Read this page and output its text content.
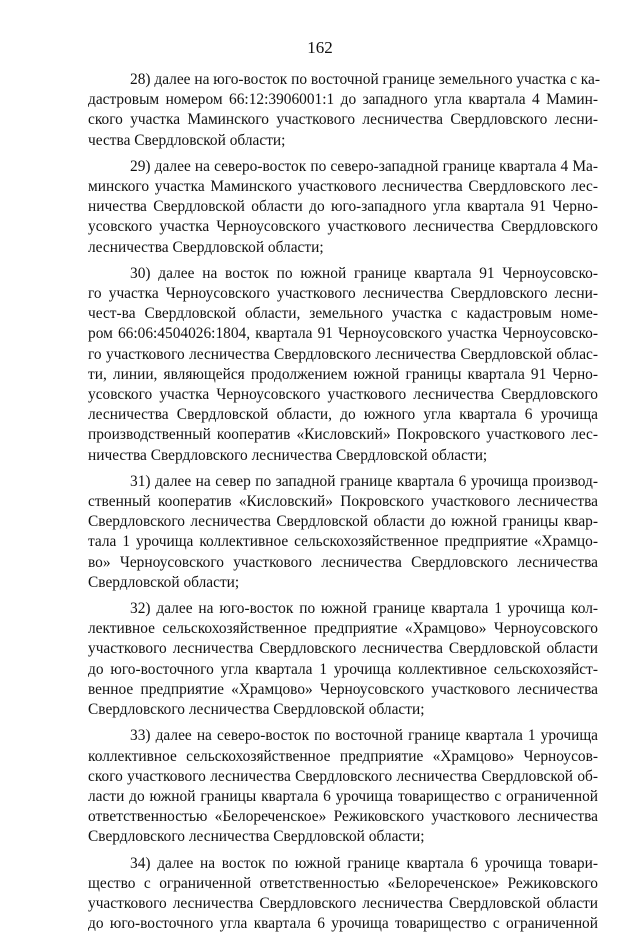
162
28) далее на юго-восток по восточной границе земельного участка с ка-
дастровым номером 66:12:3906001:1 до западного угла квартала 4 Мамин-
ского участка Маминского участкового лесничества Свердловского лесни-
чества Свердловской области;
29) далее на северо-восток по северо-западной границе квартала 4 Ма-
минского участка Маминского участкового лесничества Свердловского лес-
ничества Свердловской области до юго-западного угла квартала 91 Черно-
усовского участка Черноусовского участкового лесничества Свердловского
лесничества Свердловской области;
30) далее на восток по южной границе квартала 91 Черноусовско-
го участка Черноусовского участкового лесничества Свердловского лесни-
чест-ва Свердловской области, земельного участка с кадастровым номе-
ром 66:06:4504026:1804, квартала 91 Черноусовского участка Черноусовско-
го участкового лесничества Свердловского лесничества Свердловской облас-
ти, линии, являющейся продолжением южной границы квартала 91 Черно-
усовского участка Черноусовского участкового лесничества Свердловского
лесничества Свердловской области, до южного угла квартала 6 урочища
производственный кооператив «Кисловский» Покровского участкового лес-
ничества Свердловского лесничества Свердловской области;
31) далее на север по западной границе квартала 6 урочища производ-
ственный кооператив «Кисловский» Покровского участкового лесничества
Свердловского лесничества Свердловской области до южной границы квар-
тала 1 урочища коллективное сельскохозяйственное предприятие «Храмцо-
во» Черноусовского участкового лесничества Свердловского лесничества
Свердловской области;
32) далее на юго-восток по южной границе квартала 1 урочища кол-
лективное сельскохозяйственное предприятие «Храмцово» Черноусовского
участкового лесничества Свердловского лесничества Свердловской области
до юго-восточного угла квартала 1 урочища коллективное сельскохозяйст-
венное предприятие «Храмцово» Черноусовского участкового лесничества
Свердловского лесничества Свердловской области;
33) далее на северо-восток по восточной границе квартала 1 урочища
коллективное сельскохозяйственное предприятие «Храмцово» Черноусов-
ского участкового лесничества Свердловского лесничества Свердловской об-
ласти до южной границы квартала 6 урочища товарищество с ограниченной
ответственностью «Белореченское» Режиковского участкового лесничества
Свердловского лесничества Свердловской области;
34) далее на восток по южной границе квартала 6 урочища товари-
щество с ограниченной ответственностью «Белореченское» Режиковского
участкового лесничества Свердловского лесничества Свердловской области
до юго-восточного угла квартала 6 урочища товарищество с ограниченной
